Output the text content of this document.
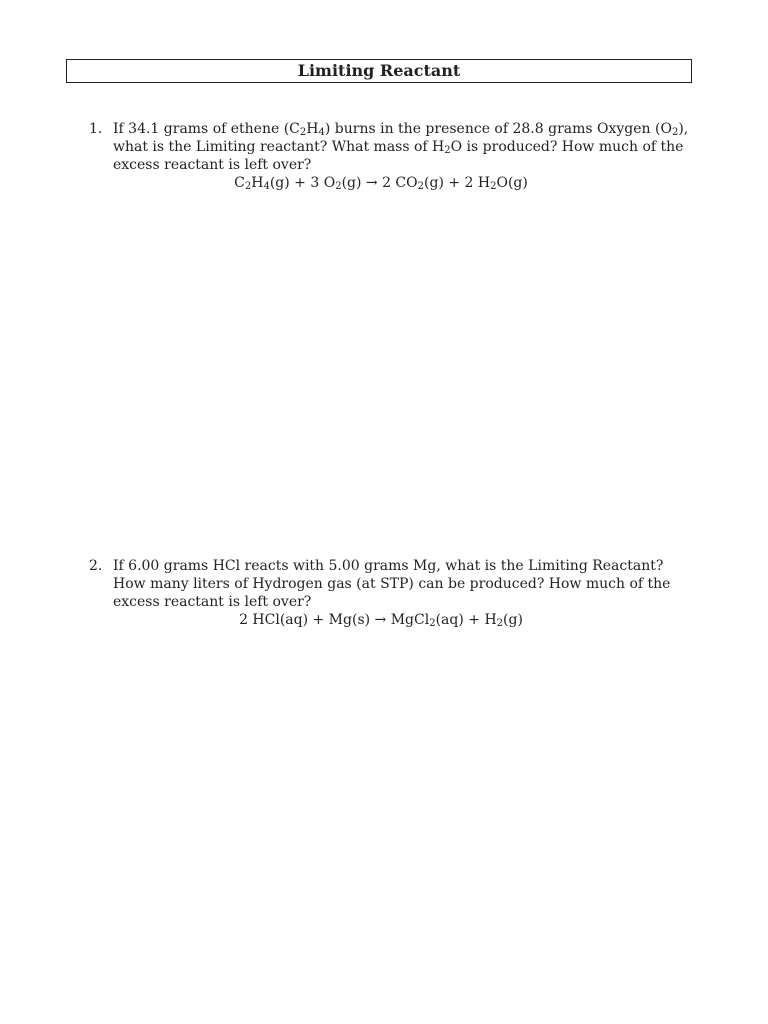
Limiting Reactant
1. If 34.1 grams of ethene $(C_2H_4)$ burns in the presence of 28.8 grams Oxygen $(O_2)$, what is the Limiting reactant? What mass of $H_2O$ is produced? How much of the excess reactant is left over?
$C_2H_4(g) + 3$ $O_2(g) \to 2$ $CO_2(g) + 2$ $H_2O(g)$
2. If 6.00 grams HCl reacts with 5.00 grams Mg, what is the Limiting Reactant? How many liters of Hydrogen gas (at STP) can be produced? How much of the excess reactant is left over?
2 HCl(aq) + Mg(s) → MgCl$_2$(aq) + $H_2(g)$
